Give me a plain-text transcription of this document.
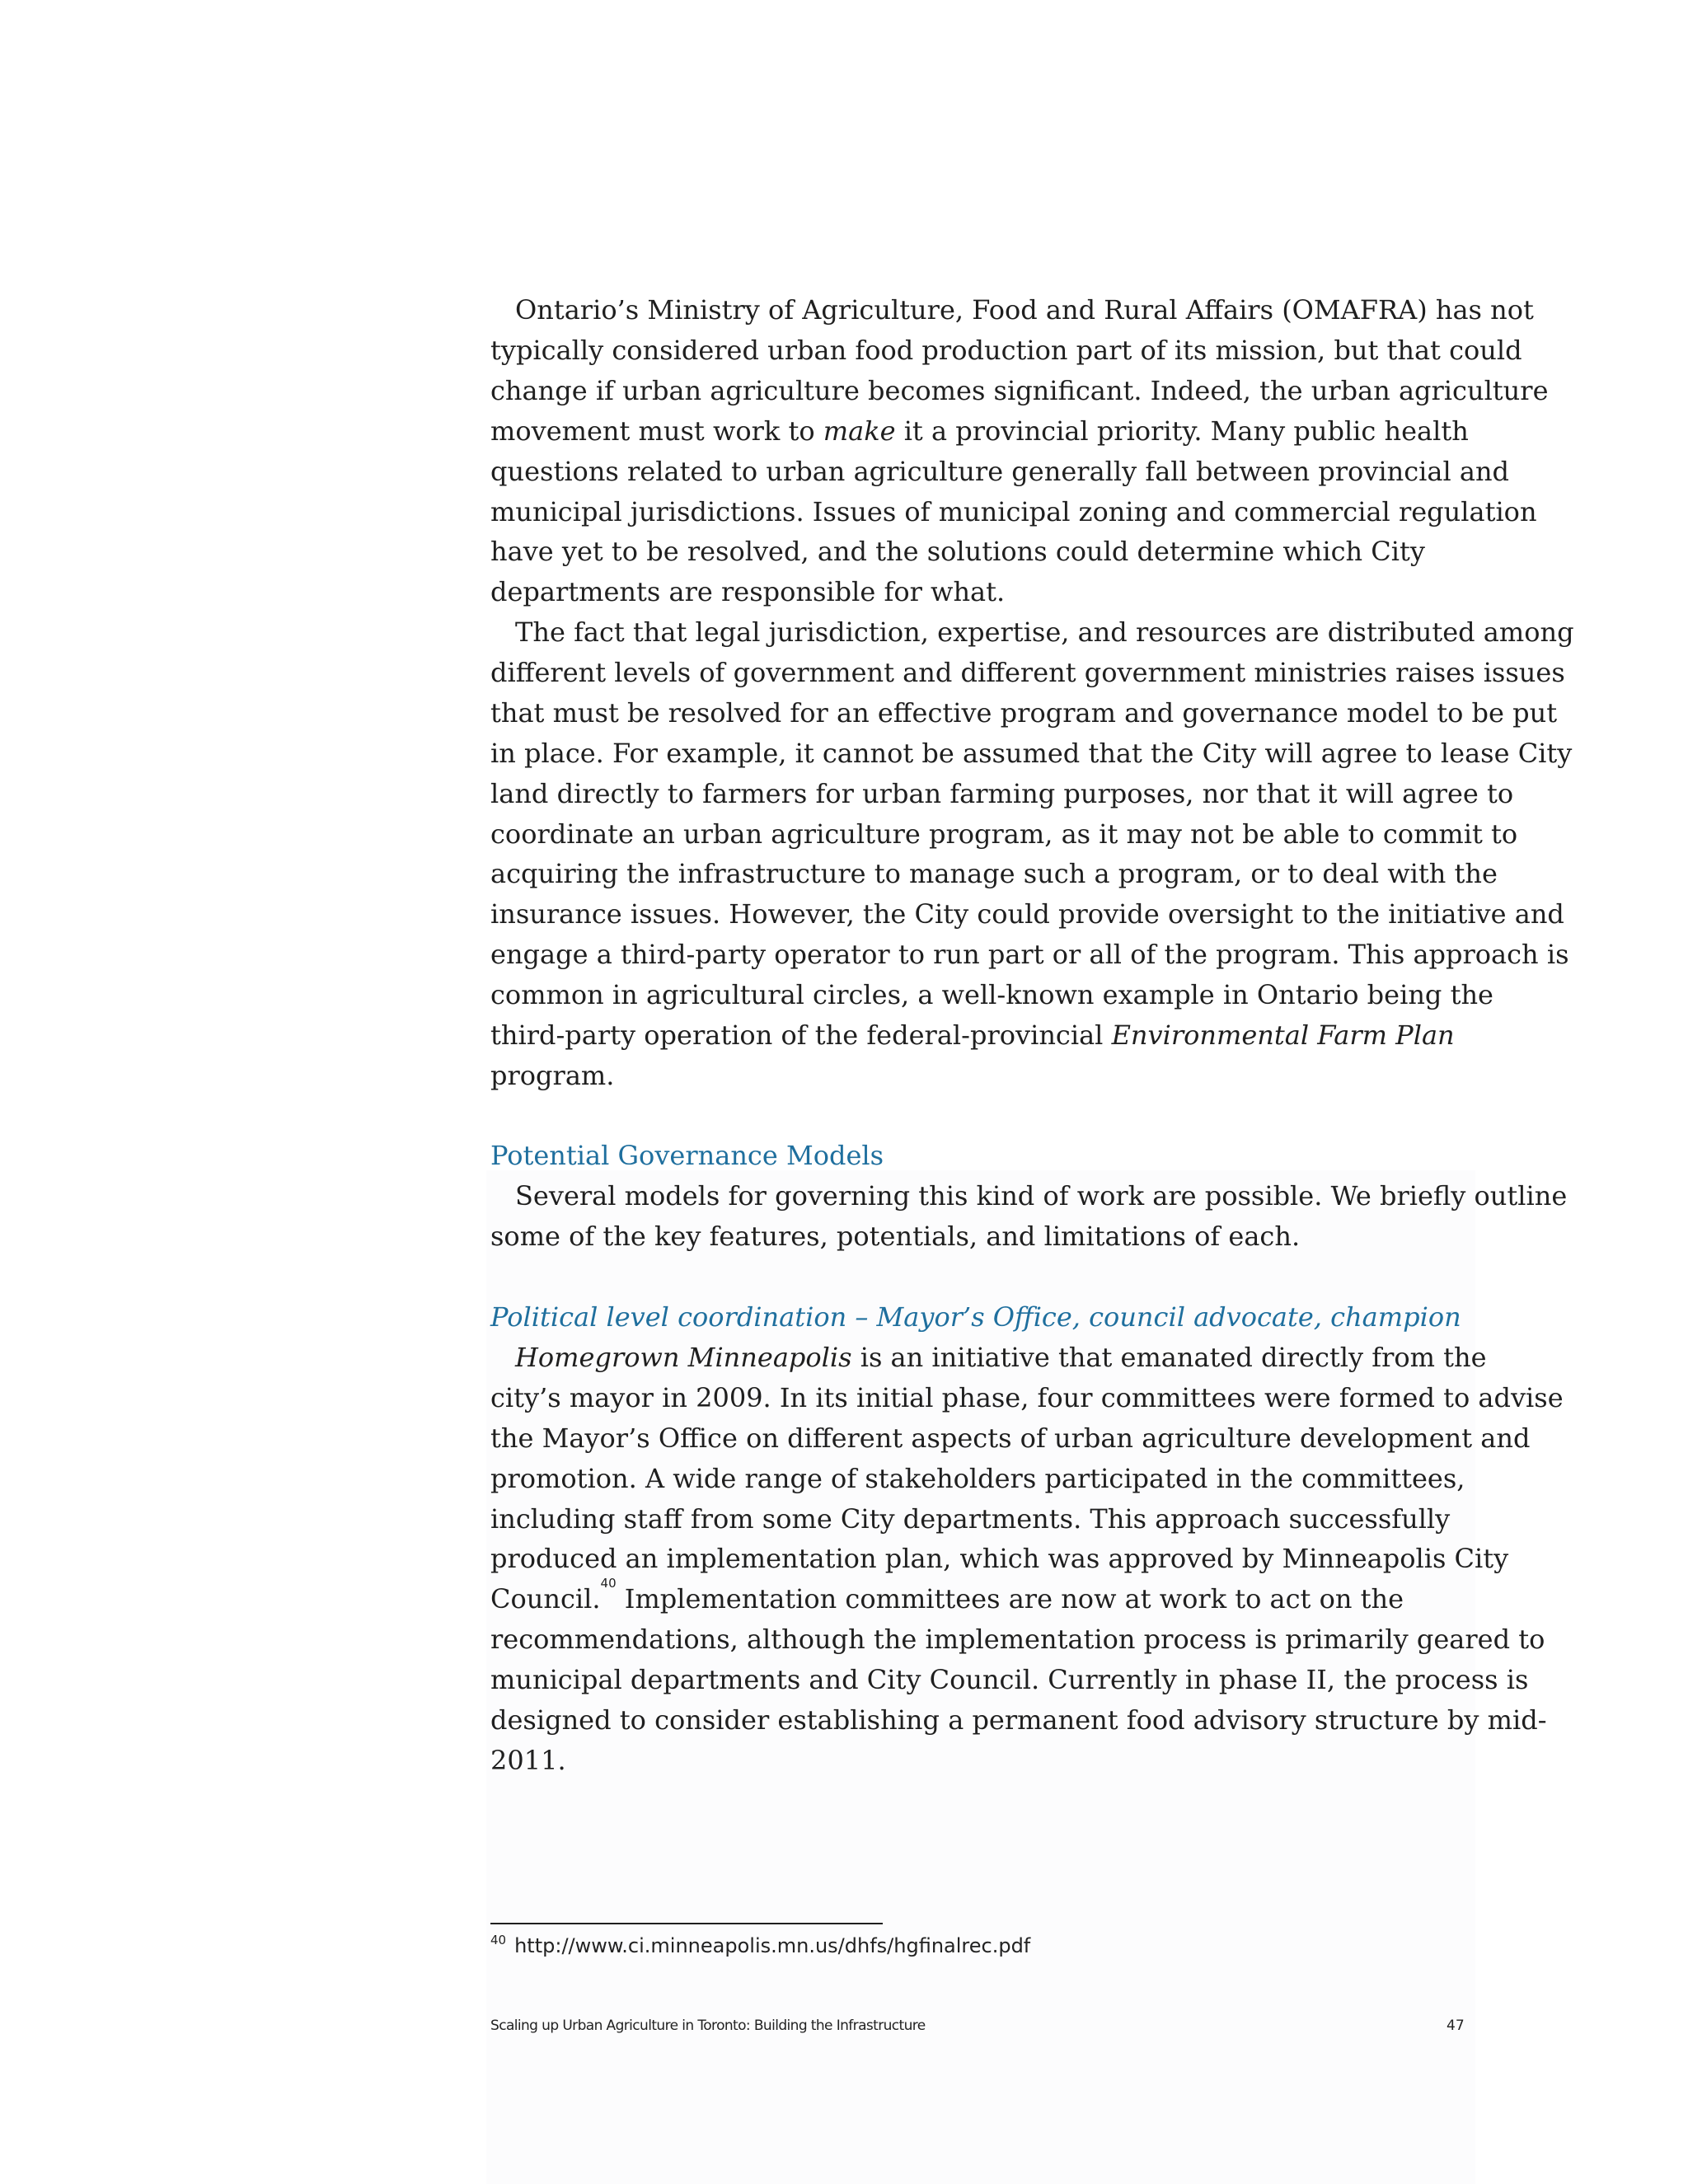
Ontario’s Ministry of Agriculture, Food and Rural Affairs (OMAFRA) has not
typically considered urban food production part of its mission, but that could
change if urban agriculture becomes significant. Indeed, the urban agriculture
movement must work to make it a provincial priority. Many public health
questions related to urban agriculture generally fall between provincial and
municipal jurisdictions. Issues of municipal zoning and commercial regulation
have yet to be resolved, and the solutions could determine which City
departments are responsible for what.

The fact that legal jurisdiction, expertise, and resources are distributed among
different levels of government and different government ministries raises issues
that must be resolved for an effective program and governance model to be put
in place. For example, it cannot be assumed that the City will agree to lease City
land directly to farmers for urban farming purposes, nor that it will agree to
coordinate an urban agriculture program, as it may not be able to commit to
acquiring the infrastructure to manage such a program, or to deal with the
insurance issues. However, the City could provide oversight to the initiative and
engage a third-party operator to run part or all of the program. This approach is
common in agricultural circles, a well-known example in Ontario being the
third-party operation of the federal-provincial Environmental Farm Plan
program.

Potential Governance Models

Several models for governing this kind of work are possible. We briefly outline
some of the key features, potentials, and limitations of each.

Political level coordination – Mayor’s Office, council advocate, champion

Homegrown Minneapolis is an initiative that emanated directly from the
city’s mayor in 2009. In its initial phase, four committees were formed to advise
the Mayor’s Office on different aspects of urban agriculture development and
promotion. A wide range of stakeholders participated in the committees,
including staff from some City departments. This approach successfully
produced an implementation plan, which was approved by Minneapolis City
Council.$^{40}$ Implementation committees are now at work to act on the
recommendations, although the implementation process is primarily geared to
municipal departments and City Council. Currently in phase II, the process is
designed to consider establishing a permanent food advisory structure by mid-
2011.

$^{40}$ http://www.ci.minneapolis.mn.us/dhfs/hgfinalrec.pdf
Scaling up Urban Agriculture in Toronto: Building the Infrastructure	47
